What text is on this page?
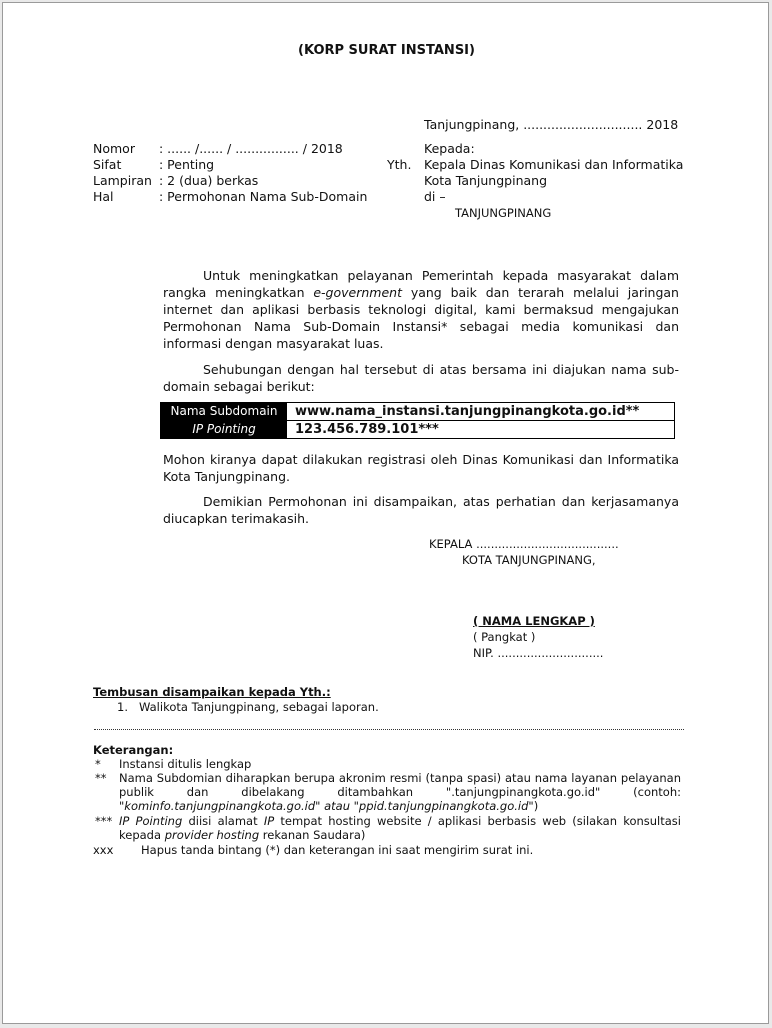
(KORP SURAT INSTANSI)
Tanjungpinang, .............................. 2018
Nomor : ...... /...... / ................ / 2018
Sifat	: Penting
Lampiran : 2 (dua) berkas
Hal	: Permohonan Nama Sub-Domain
Kepada:
Yth. Kepala Dinas Komunikasi dan Informatika
Kota Tanjungpinang
di –
TANJUNGPINANG
Untuk meningkatkan pelayanan Pemerintah kepada masyarakat dalam rangka meningkatkan e-government yang baik dan terarah melalui jaringan internet dan aplikasi berbasis teknologi digital, kami bermaksud mengajukan Permohonan Nama Sub-Domain Instansi* sebagai media komunikasi dan informasi dengan masyarakat luas.
Sehubungan dengan hal tersebut di atas bersama ini diajukan nama sub-domain sebagai berikut:
Nama Subdomain	www.nama_instansi.tanjungpinangkota.go.id**
IP Pointing	123.456.789.101***
Mohon kiranya dapat dilakukan registrasi oleh Dinas Komunikasi dan Informatika Kota Tanjungpinang.
Demikian Permohonan ini disampaikan, atas perhatian dan kerjasamanya diucapkan terimakasih.
KEPALA .......................................
KOTA TANJUNGPINANG,
( NAMA LENGKAP )
( Pangkat )
NIP. .............................
Tembusan disampaikan kepada Yth.:
1. Walikota Tanjungpinang, sebagai laporan.
Keterangan:
* Instansi ditulis lengkap
** Nama Subdomian diharapkan berupa akronim resmi (tanpa spasi) atau nama layanan pelayanan publik dan dibelakang ditambahkan ".tanjungpinangkota.go.id" (contoh: "kominfo.tanjungpinangkota.go.id" atau "ppid.tanjungpinangkota.go.id")
*** IP Pointing diisi alamat IP tempat hosting website / aplikasi berbasis web (silakan konsultasi kepada provider hosting rekanan Saudara)
xxx Hapus tanda bintang (*) dan keterangan ini saat mengirim surat ini.
